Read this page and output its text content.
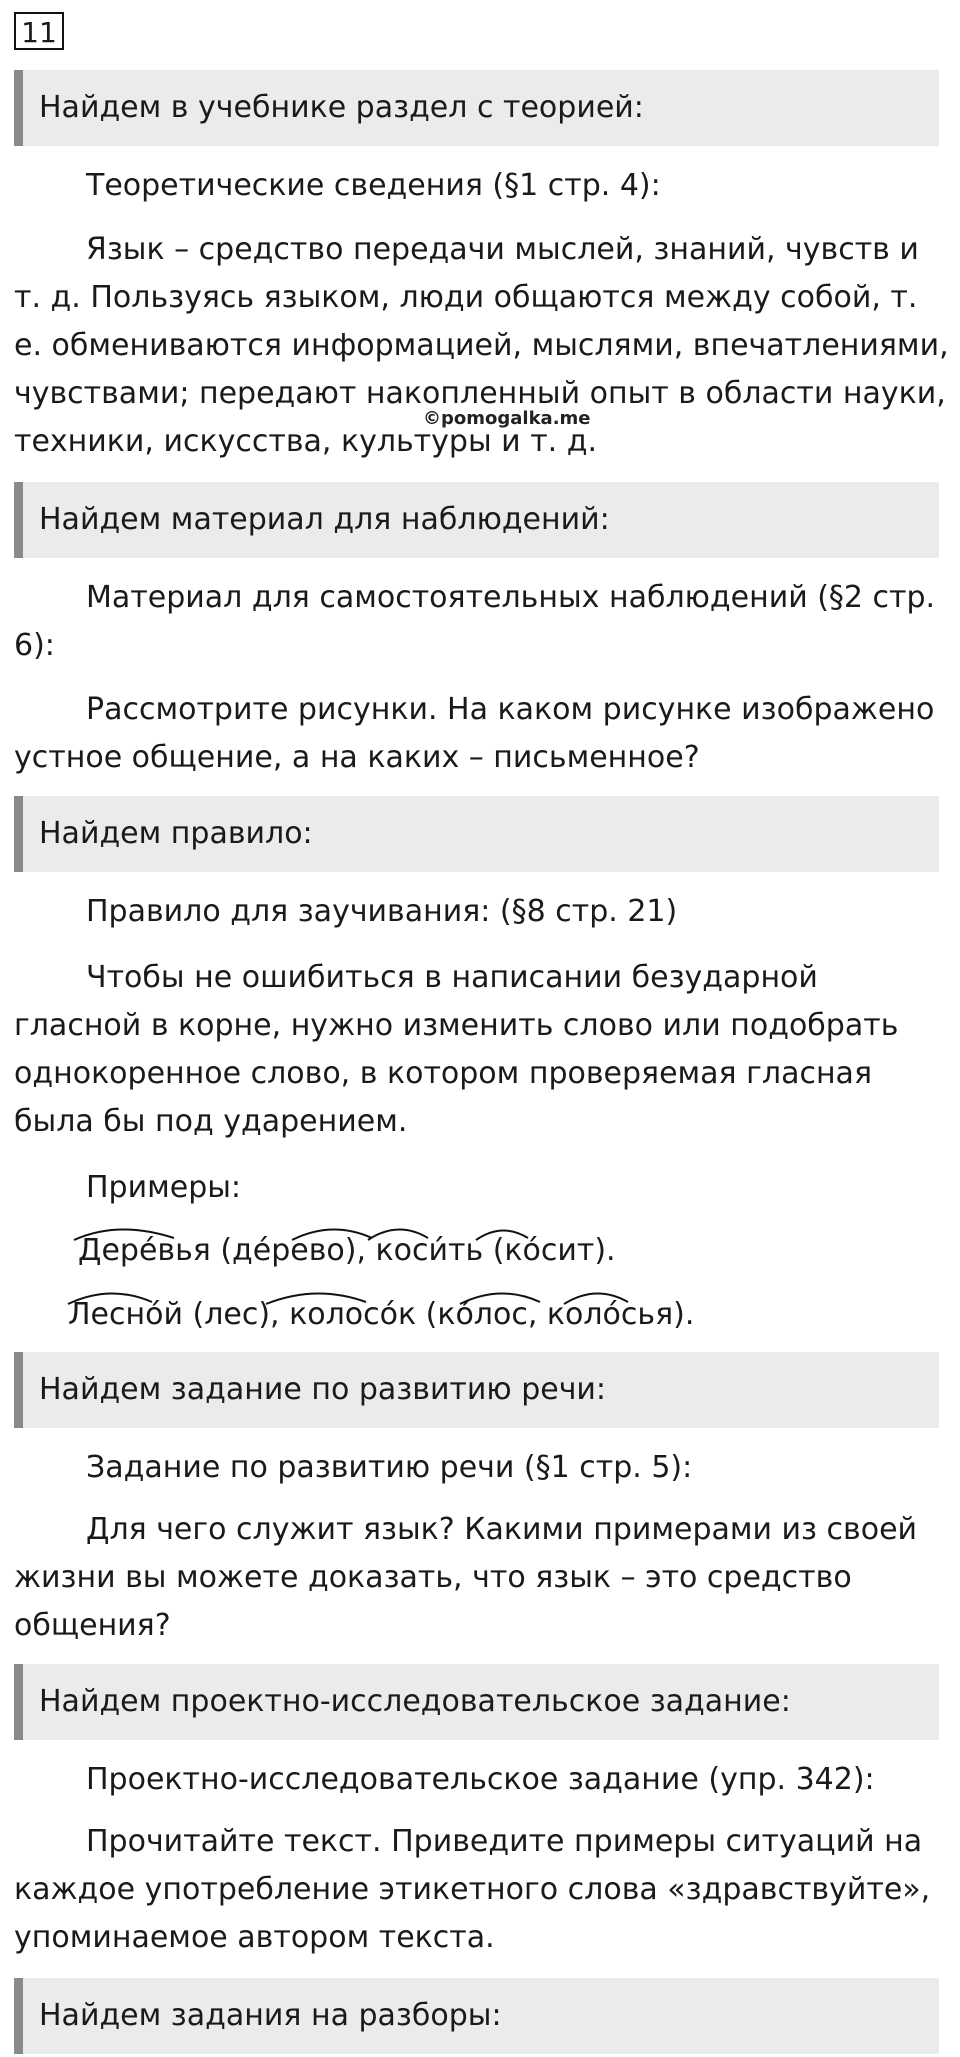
11
Найдем в учебнике раздел с теорией:

Теоретические сведения (§1 стр. 4):

Язык – средство передачи мыслей, знаний, чувств и т. д. Пользуясь языком, люди общаются между собой, т. е. обмениваются информацией, мыслями, впечатлениями, чувствами; передают накопленный опыт в области науки, техники, искусства, культуры и т. д.

©pomogalka.me
Найдем материал для наблюдений:

Материал для самостоятельных наблюдений (§2 стр. 6):

Рассмотрите рисунки. На каком рисунке изображено устное общение, а на каких – письменное?

Найдем правило:

Правило для заучивания: (§8 стр. 21)

Чтобы не ошибиться в написании безударной гласной в корне, нужно изменить слово или подобрать однокоренное слово, в котором проверяемая гласная была бы под ударением.

Примеры:

Дере́вья (де́рево), коси́ть (ко́сит).
Лесно́й (лес), колосо́к (ко́лос, коло́сья).
Найдем задание по развитию речи:

Задание по развитию речи (§1 стр. 5):

Для чего служит язык? Какими примерами из своей жизни вы можете доказать, что язык – это средство общения?

Найдем проектно-исследовательское задание:

Проектно-исследовательское задание (упр. 342):

Прочитайте текст. Приведите примеры ситуаций на каждое употребление этикетного слова «здравствуйте», упоминаемое автором текста.

Найдем задания на разборы:
